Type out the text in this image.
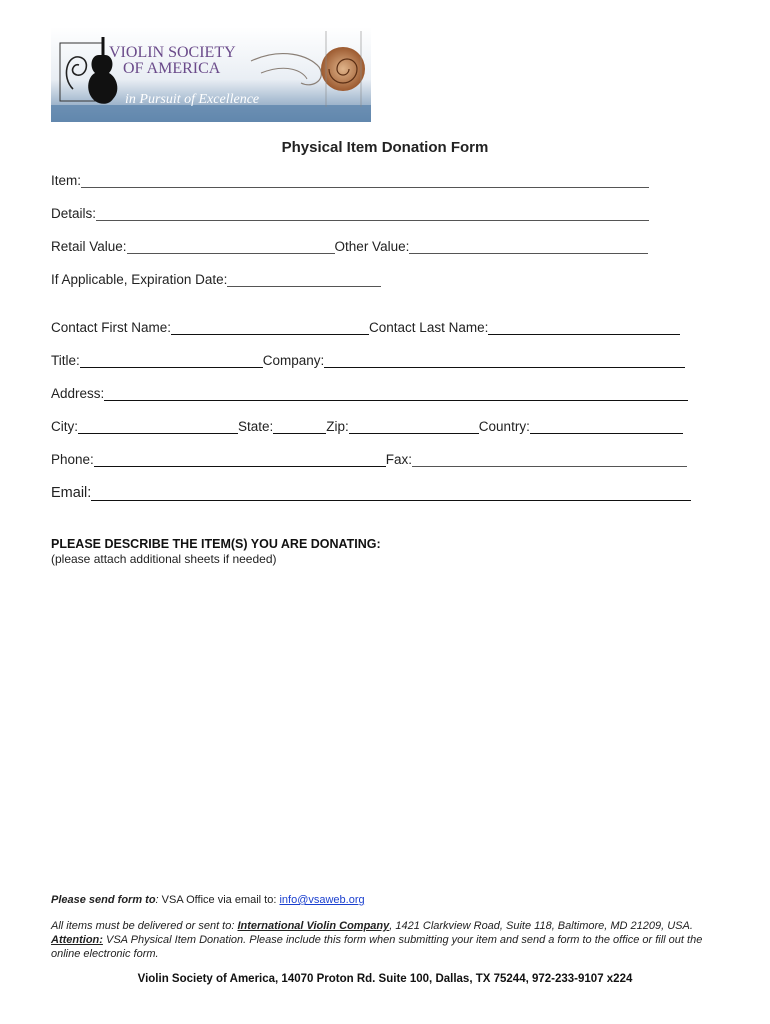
VIOLIN SOCIETY
OF AMERICA
in Pursuit of Excellence
Physical Item Donation Form
Item:
Details:
Retail Value:	Other Value:
If Applicable, Expiration Date:
Contact First Name:	Contact Last Name:
Title:	Company:
Address:
City:	State:	Zip:	Country:
Phone:	Fax:
Email:
PLEASE DESCRIBE THE ITEM(S) YOU ARE DONATING:
(please attach additional sheets if needed)
Please send form to: VSA Office via email to: info@vsaweb.org
All items must be delivered or sent to: International Violin Company, 1421 Clarkview Road, Suite 118, Baltimore, MD 21209, USA.
Attention: VSA Physical Item Donation. Please include this form when submitting your item and send a form to the office or fill out the online electronic form.
Violin Society of America, 14070 Proton Rd. Suite 100, Dallas, TX 75244, 972-233-9107 x224
